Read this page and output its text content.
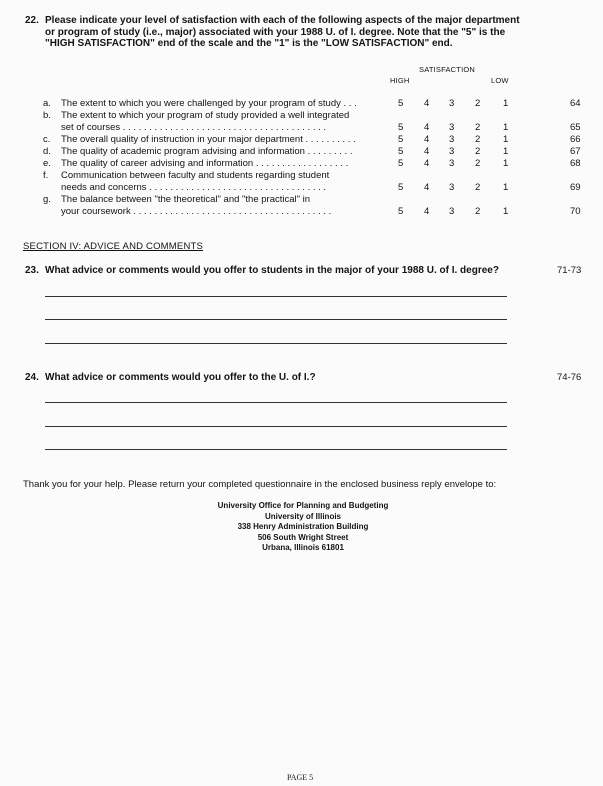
22. Please indicate your level of satisfaction with each of the following aspects of the major department
or program of study (i.e., major) associated with your 1988 U. of I. degree. Note that the "5" is the
"HIGH SATISFACTION" end of the scale and the "1" is the "LOW SATISFACTION" end.
SATISFACTION
HIGH	LOW
a. The extent to which you were challenged by your program of study . . .	5 4 3 2 1	64
b. The extent to which your program of study provided a well integrated
set of courses . . . . . . . . . . . . . . . . . . . . . . . . . . . . . . . . . . . . . . .	5 4 3 2 1	65
c. The overall quality of instruction in your major department . . . . . . . . . .	5 4 3 2 1	66
d. The quality of academic program advising and information . . . . . . . . .	5 4 3 2 1	67
e. The quality of career advising and information . . . . . . . . . . . . . . . . . .	5 4 3 2 1	68
f. Communication between faculty and students regarding student
needs and concerns . . . . . . . . . . . . . . . . . . . . . . . . . . . . . . . . . .	5 4 3 2 1	69
g. The balance between "the theoretical" and "the practical" in
your coursework . . . . . . . . . . . . . . . . . . . . . . . . . . . . . . . . . . . . . .	5 4 3 2 1	70
SECTION IV: ADVICE AND COMMENTS
23. What advice or comments would you offer to students in the major of your 1988 U. of I. degree?	71-73
24. What advice or comments would you offer to the U. of I.?	74-76
Thank you for your help. Please return your completed questionnaire in the enclosed business reply envelope to:
University Office for Planning and Budgeting
University of Illinois
338 Henry Administration Building
506 South Wright Street
Urbana, Illinois 61801
PAGE 5
